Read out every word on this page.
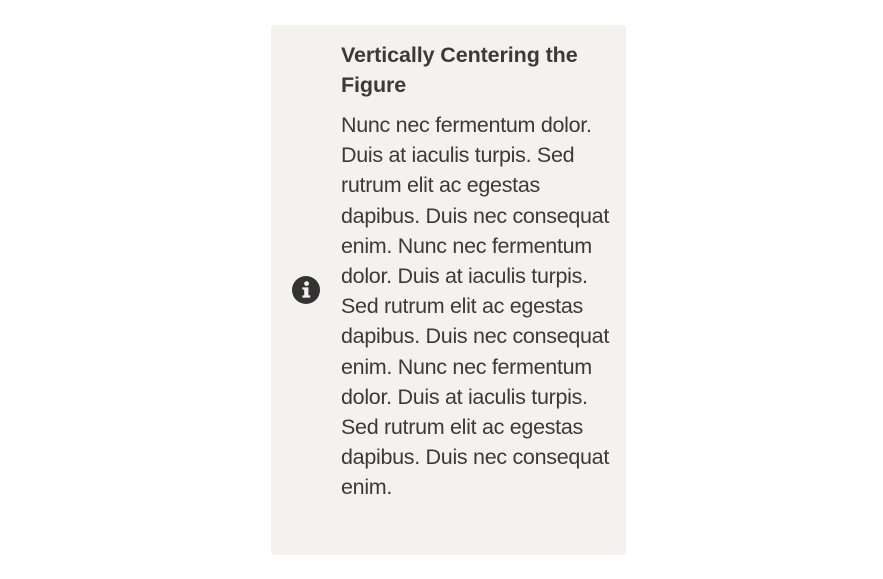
Vertically Centering the Figure

Nunc nec fermentum dolor. Duis at iaculis turpis. Sed rutrum elit ac egestas dapibus. Duis nec consequat enim. Nunc nec fermentum dolor. Duis at iaculis turpis. Sed rutrum elit ac egestas dapibus. Duis nec consequat enim. Nunc nec fermentum dolor. Duis at iaculis turpis. Sed rutrum elit ac egestas dapibus. Duis nec consequat enim.
